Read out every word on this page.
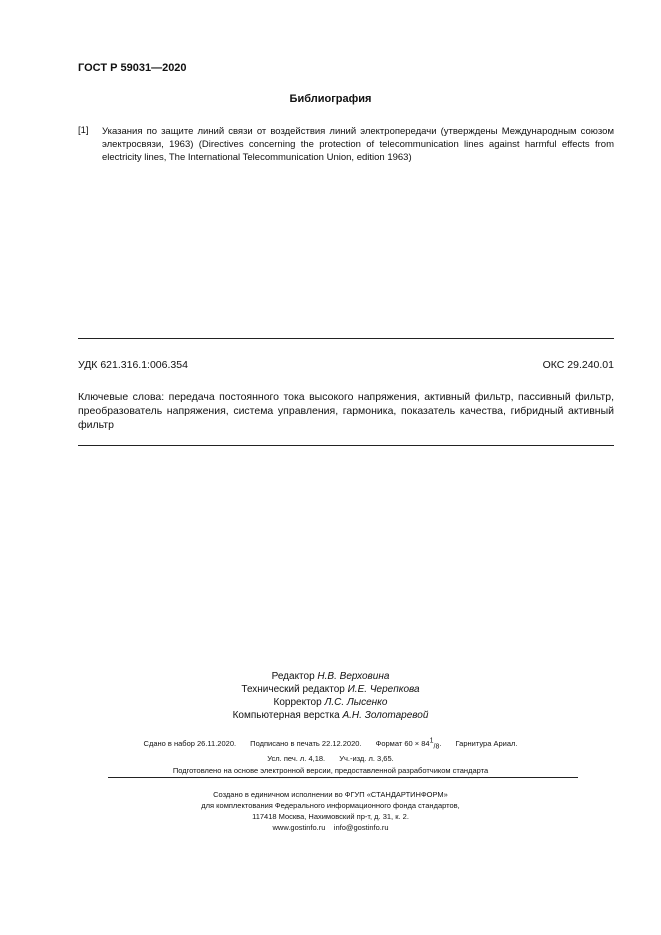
ГОСТ Р 59031—2020
Библиография
[1] Указания по защите линий связи от воздействия линий электропередачи (утверждены Международным союзом электросвязи, 1963) (Directives concerning the protection of telecommunication lines against harmful effects from electricity lines, The International Telecommunication Union, edition 1963)
УДК 621.316.1:006.354	ОКС 29.240.01
Ключевые слова: передача постоянного тока высокого напряжения, активный фильтр, пассивный фильтр, преобразователь напряжения, система управления, гармоника, показатель качества, гибридный активный фильтр
Редактор Н.В. Верховина
Технический редактор И.Е. Черепкова
Корректор Л.С. Лысенко
Компьютерная верстка А.Н. Золотаревой
Сдано в набор 26.11.2020. Подписано в печать 22.12.2020. Формат $60 \times 84^1_{/8}$. Гарнитура Ариал.
Усл. печ. л. 4,18. Уч.-изд. л. 3,65.
Подготовлено на основе электронной версии, предоставленной разработчиком стандарта
Создано в единичном исполнении во ФГУП «СТАНДАРТИНФОРМ»
для комплектования Федерального информационного фонда стандартов,
117418 Москва, Нахимовский пр-т, д. 31, к. 2.
www.gostinfo.ru info@gostinfo.ru
